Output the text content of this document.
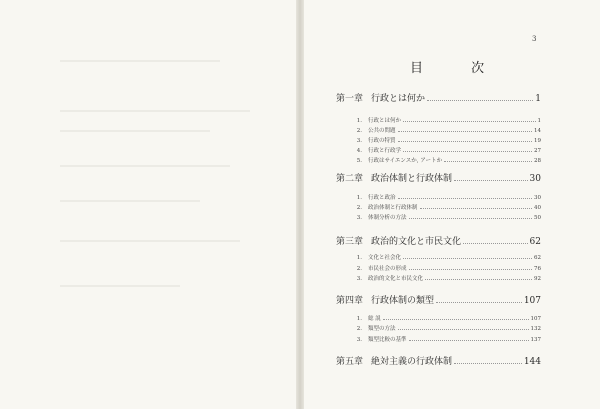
3
目 次
第一章 行政とは何か	1
1.	行政とは何か	1
2.	公共の問題	14
3.	行政の特質	19
4.	行政と行政学	27
5.	行政はサイエンスか, アートか	28
第二章 政治体制と行政体制	30
1.	行政と政治	30
2.	政治体制と行政体制	40
3.	体制分析の方法	50
第三章 政治的文化と市民文化	62
1.	文化と社会化	62
2.	市民社会の形成	76
3.	政治的文化と市民文化	92
第四章 行政体制の類型	107
1.	総 説	107
2.	類型の方法	132
3.	類型比較の基準	137
第五章 絶対主義の行政体制	144
